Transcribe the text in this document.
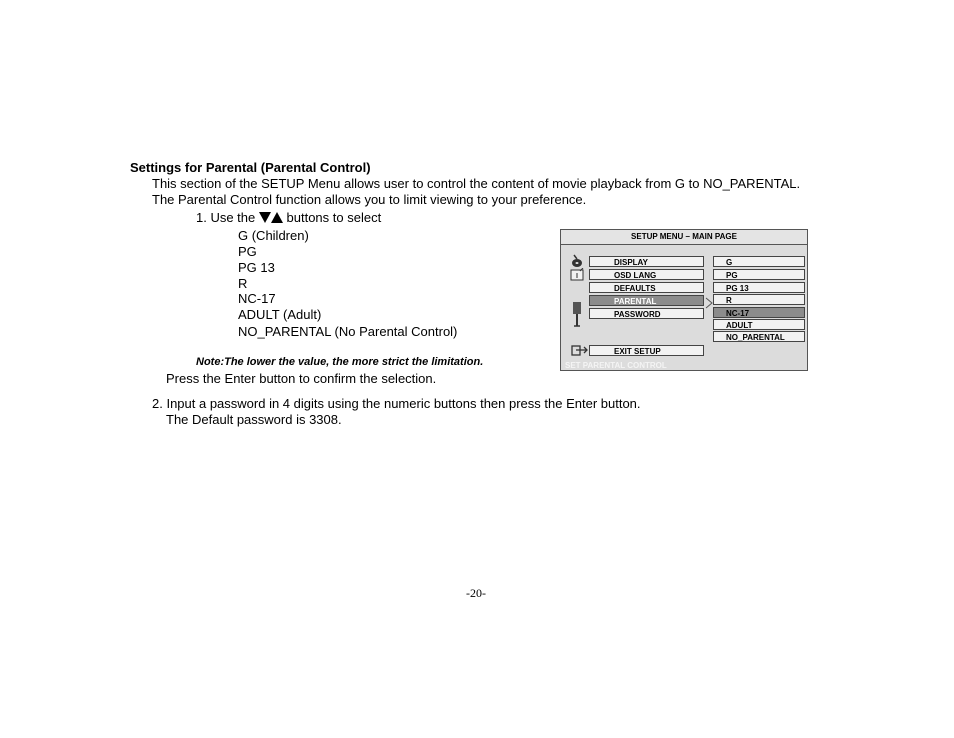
Settings for Parental (Parental Control)
This section of the SETUP Menu allows user to control the content of movie playback from G to NO_PARENTAL.
The Parental Control function allows you to limit viewing to your preference.
1. Use the buttons to select
G (Children)
PG
PG 13
R
NC-17
ADULT (Adult)
NO_PARENTAL (No Parental Control)
Note:The lower the value, the more strict the limitation.
Press the Enter button to confirm the selection.
2. Input a password in 4 digits using the numeric buttons then press the Enter button.
The Default password is 3308.
-20-
SETUP MENU – MAIN PAGE
DISPLAY
OSD LANG
DEFAULTS
PARENTAL
PASSWORD
EXIT SETUP
G
PG
PG 13
R
NC-17
ADULT
NO_PARENTAL
SET PARENTAL CONTROL
